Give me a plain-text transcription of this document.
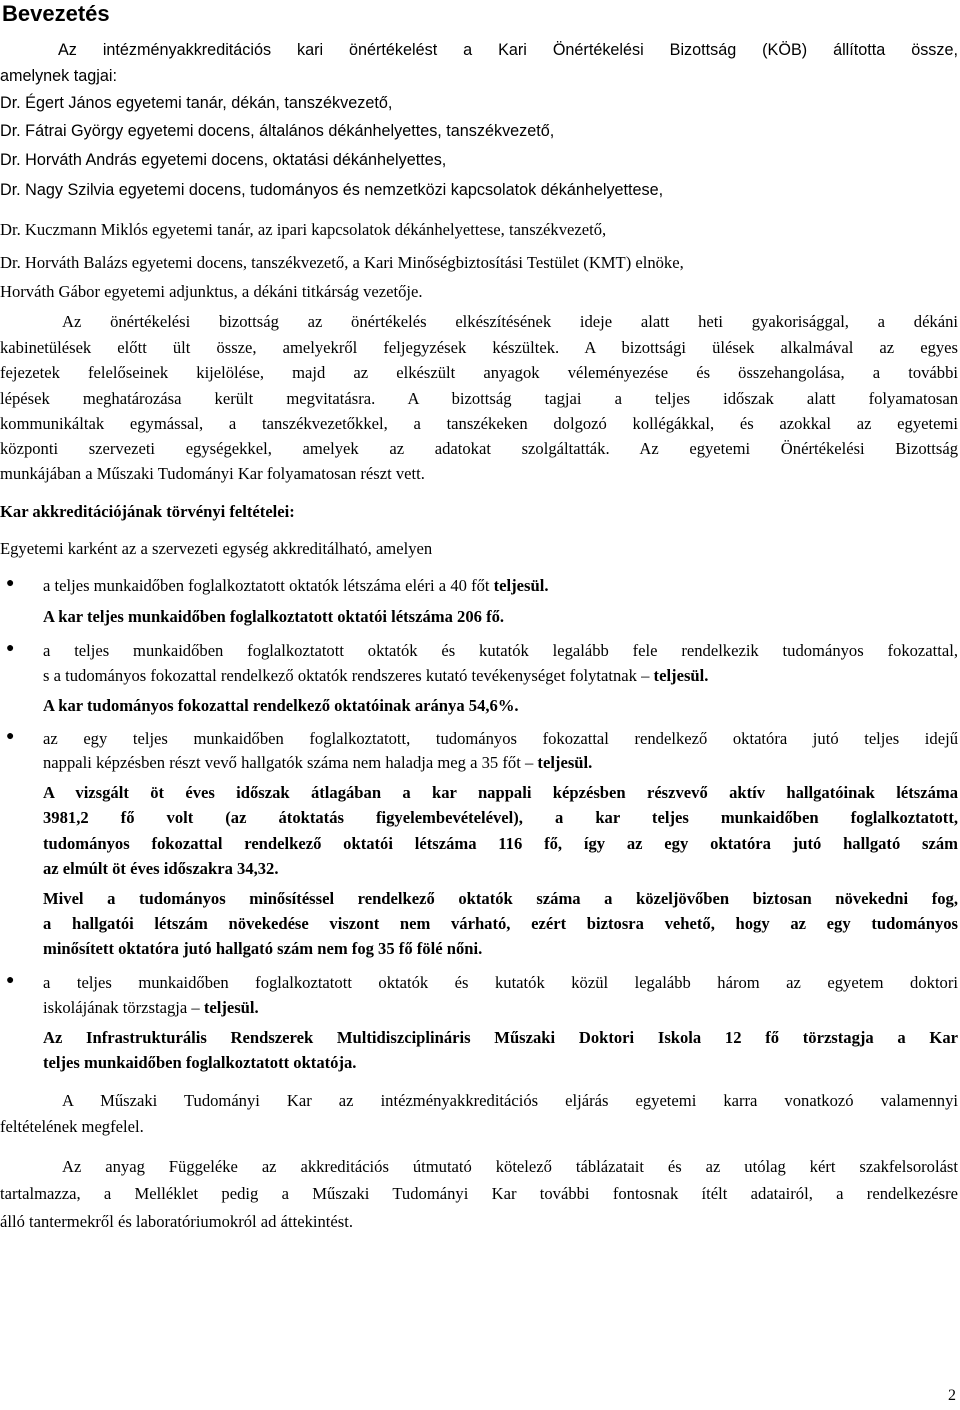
Bevezetés
Az intézményakkreditációs kari önértékelést a Kari Önértékelési Bizottság (KÖB) állította össze,
amelynek tagjai:
Dr. Égert János egyetemi tanár, dékán, tanszékvezető,
Dr. Fátrai György egyetemi docens, általános dékánhelyettes, tanszékvezető,
Dr. Horváth András egyetemi docens, oktatási dékánhelyettes,
Dr. Nagy Szilvia egyetemi docens, tudományos és nemzetközi kapcsolatok dékánhelyettese,
Dr. Kuczmann Miklós egyetemi tanár, az ipari kapcsolatok dékánhelyettese, tanszékvezető,
Dr. Horváth Balázs egyetemi docens, tanszékvezető, a Kari Minőségbiztosítási Testület (KMT) elnöke,
Horváth Gábor egyetemi adjunktus, a dékáni titkárság vezetője.
Az önértékelési bizottság az önértékelés elkészítésének ideje alatt heti gyakorisággal, a dékáni
kabinetülések előtt ült össze, amelyekről feljegyzések készültek. A bizottsági ülések alkalmával az egyes
fejezetek felelőseinek kijelölése, majd az elkészült anyagok véleményezése és összehangolása, a további
lépések meghatározása került megvitatásra. A bizottság tagjai a teljes időszak alatt folyamatosan
kommunikáltak egymással, a tanszékvezetőkkel, a tanszékeken dolgozó kollégákkal, és azokkal az egyetemi
központi szervezeti egységekkel, amelyek az adatokat szolgáltatták. Az egyetemi Önértékelési Bizottság
munkájában a Műszaki Tudományi Kar folyamatosan részt vett.
Kar akkreditációjának törvényi feltételei:
Egyetemi karként az a szervezeti egység akkreditálható, amelyen
● a teljes munkaidőben foglalkoztatott oktatók létszáma eléri a 40 főt teljesül.
A kar teljes munkaidőben foglalkoztatott oktatói létszáma 206 fő.
● a teljes munkaidőben foglalkoztatott oktatók és kutatók legalább fele rendelkezik tudományos fokozattal,
s a tudományos fokozattal rendelkező oktatók rendszeres kutató tevékenységet folytatnak – teljesül.
A kar tudományos fokozattal rendelkező oktatóinak aránya 54,6%.
● az egy teljes munkaidőben foglalkoztatott, tudományos fokozattal rendelkező oktatóra jutó teljes idejű
nappali képzésben részt vevő hallgatók száma nem haladja meg a 35 főt – teljesül.
A vizsgált öt éves időszak átlagában a kar nappali képzésben részvevő aktív hallgatóinak létszáma
3981,2 fő volt (az átoktatás figyelembevételével), a kar teljes munkaidőben foglalkoztatott,
tudományos fokozattal rendelkező oktatói létszáma 116 fő, így az egy oktatóra jutó hallgató szám
az elmúlt öt éves időszakra 34,32.
Mivel a tudományos minősítéssel rendelkező oktatók száma a közeljövőben biztosan növekedni fog,
a hallgatói létszám növekedése viszont nem várható, ezért biztosra vehető, hogy az egy tudományos
minősített oktatóra jutó hallgató szám nem fog 35 fő fölé nőni.
● a teljes munkaidőben foglalkoztatott oktatók és kutatók közül legalább három az egyetem doktori
iskolájának törzstagja – teljesül.
Az Infrastrukturális Rendszerek Multidiszciplináris Műszaki Doktori Iskola 12 fő törzstagja a Kar
teljes munkaidőben foglalkoztatott oktatója.
A Műszaki Tudományi Kar az intézményakkreditációs eljárás egyetemi karra vonatkozó valamennyi
feltételének megfelel.
Az anyag Függeléke az akkreditációs útmutató kötelező táblázatait és az utólag kért szakfelsorolást
tartalmazza, a Melléklet pedig a Műszaki Tudományi Kar további fontosnak ítélt adatairól, a rendelkezésre
álló tantermekről és laboratóriumokról ad áttekintést.
2
